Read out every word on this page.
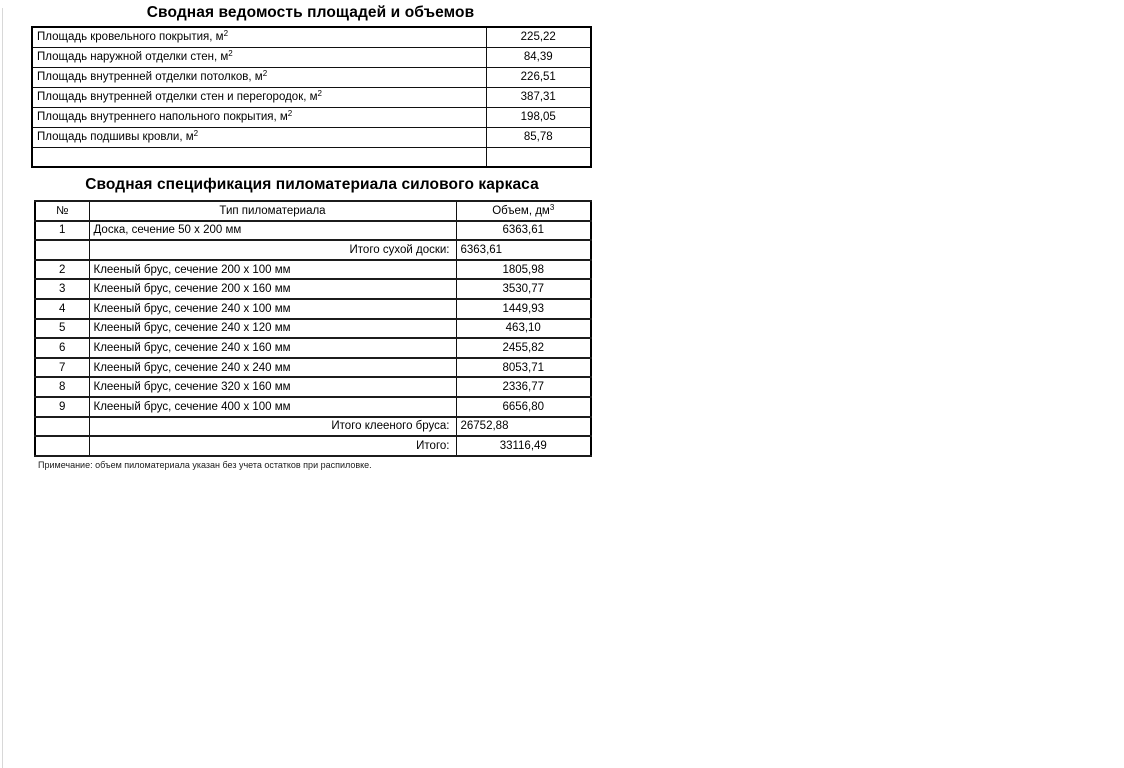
Сводная ведомость площадей и объемов
Площадь кровельного покрытия, $м^2$	225,22
Площадь наружной отделки стен, $м^2$	84,39
Площадь внутренней отделки потолков, $м^2$	226,51
Площадь внутренней отделки стен и перегородок, $м^2$	387,31
Площадь внутреннего напольного покрытия, $м^2$	198,05
Площадь подшивы кровли, $м^2$	85,78

Сводная спецификация пиломатериала силового каркаса
№	Тип пиломатериала	Объем, $дм^3$
1	Доска, сечение 50 х 200 мм	6363,61
	Итого сухой доски:	6363,61
2	Клееный брус, сечение 200 х 100 мм	1805,98
3	Клееный брус, сечение 200 х 160 мм	3530,77
4	Клееный брус, сечение 240 х 100 мм	1449,93
5	Клееный брус, сечение 240 х 120 мм	463,10
6	Клееный брус, сечение 240 х 160 мм	2455,82
7	Клееный брус, сечение 240 х 240 мм	8053,71
8	Клееный брус, сечение 320 х 160 мм	2336,77
9	Клееный брус, сечение 400 х 100 мм	6656,80
	Итого клееного бруса:	26752,88
	Итого:	33116,49
Примечание: объем пиломатериала указан без учета остатков при распиловке.
